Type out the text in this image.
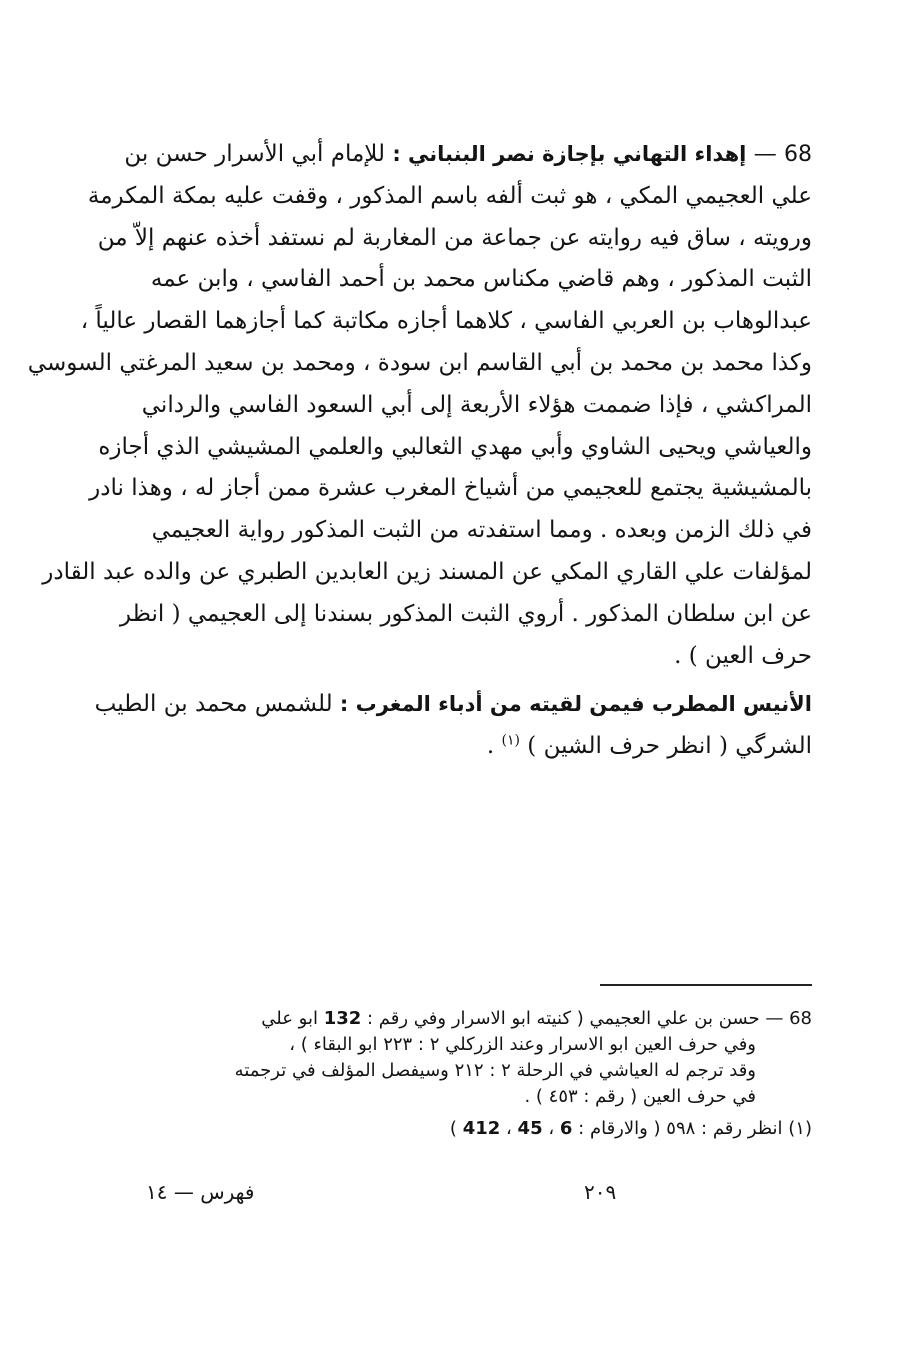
68 — إهداء التهاني بإجازة نصر البنباني : للإمام أبي الأسرار حسن بن
علي العجيمي المكي ، هو ثبت ألفه باسم المذكور ، وقفت عليه بمكة المكرمة
ورويته ، ساق فيه روايته عن جماعة من المغاربة لم نستفد أخذه عنهم إلاّ من
الثبت المذكور ، وهم قاضي مكناس محمد بن أحمد الفاسي ، وابن عمه
عبدالوهاب بن العربي الفاسي ، كلاهما أجازه مكاتبة كما أجازهما القصار عالياً ،
وكذا محمد بن محمد بن أبي القاسم ابن سودة ، ومحمد بن سعيد المرغتي السوسي
المراكشي ، فإذا ضممت هؤلاء الأربعة إلى أبي السعود الفاسي والرداني
والعياشي ويحيى الشاوي وأبي مهدي الثعالبي والعلمي المشيشي الذي أجازه
بالمشيشية يجتمع للعجيمي من أشياخ المغرب عشرة ممن أجاز له ، وهذا نادر
في ذلك الزمن وبعده . ومما استفدته من الثبت المذكور رواية العجيمي
لمؤلفات علي القاري المكي عن المسند زين العابدين الطبري عن والده عبد القادر
عن ابن سلطان المذكور . أروي الثبت المذكور بسندنا إلى العجيمي ( انظر
حرف العين ) .
الأنيس المطرب فيمن لقيته من أدباء المغرب : للشمس محمد بن الطيب
الشرگي ( انظر حرف الشين ) $^{(١)}$ .
68 — حسن بن علي العجيمي ( كنيته ابو الاسرار وفي رقم : 132 ابو علي
وفي حرف العين ابو الاسرار وعند الزركلي ٢ : ٢٢٣ ابو البقاء ) ،
وقد ترجم له العياشي في الرحلة ٢ : ٢١٢ وسيفصل المؤلف في ترجمته
في حرف العين ( رقم : ٤٥٣ ) .
(١) انظر رقم : ٥٩٨ ( والارقام : 6 ، 45 ، 412 )
فهرس — ١٤	٢٠٩
